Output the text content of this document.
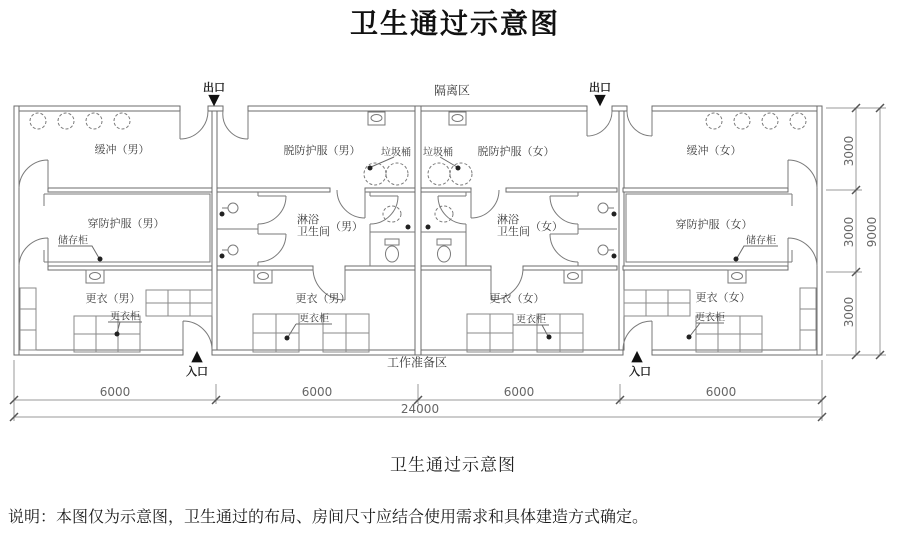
卫生通过示意图
隔离区
工作准备区
出口
▼
出口
▼
▲
入口
▲
入口
缓冲（男）	缓冲（女）
脱防护服（男）	脱防护服（女）
垃圾桶 垃圾桶
穿防护服（男）	穿防护服（女）
储存柜	储存柜
淋浴
卫生间 （男）
淋浴
卫生间 （女）
更衣（男）	更衣（男）	更衣（女）	更衣（女）
更衣柜	更衣柜	更衣柜	更衣柜
6000	6000	6000	6000
24000
3000
3000
3000
9000
卫生通过示意图
说明：本图仅为示意图，卫生通过的布局、房间尺寸应结合使用需求和具体建造方式确定。
